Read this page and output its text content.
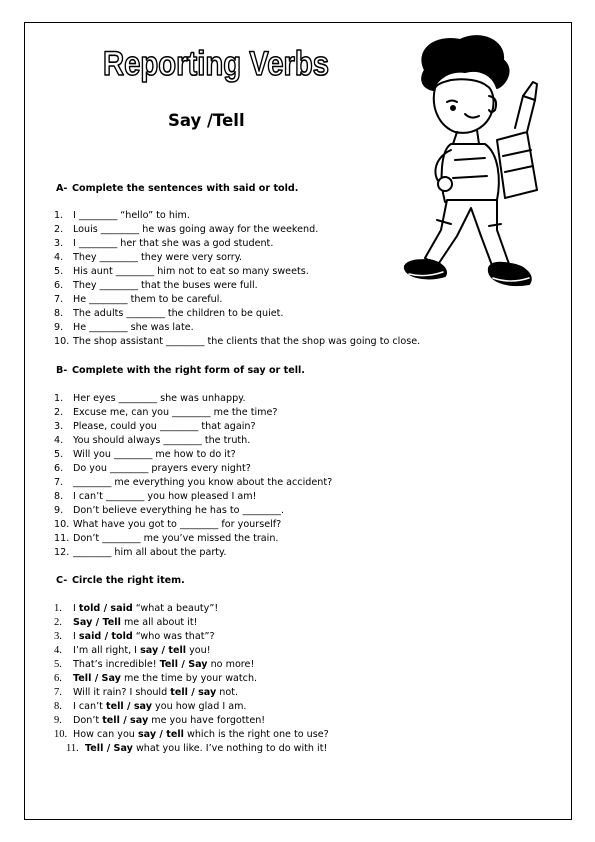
Reporting Verbs
Say /Tell
A- Complete the sentences with said or told.
1. I ________ “hello” to him.
2. Louis ________ he was going away for the weekend.
3. I ________ her that she was a god student.
4. They ________ they were very sorry.
5. His aunt ________ him not to eat so many sweets.
6. They ________ that the buses were full.
7. He ________ them to be careful.
8. The adults ________ the children to be quiet.
9. He ________ she was late.
10. The shop assistant ________ the clients that the shop was going to close.
B- Complete with the right form of say or tell.
1. Her eyes ________ she was unhappy.
2. Excuse me, can you ________ me the time?
3. Please, could you ________ that again?
4. You should always ________ the truth.
5. Will you ________ me how to do it?
6. Do you ________ prayers every night?
7. ________ me everything you know about the accident?
8. I can’t ________ you how pleased I am!
9. Don’t believe everything he has to ________.
10. What have you got to ________ for yourself?
11. Don’t ________ me you’ve missed the train.
12. ________ him all about the party.
C- Circle the right item.
1. I told / said “what a beauty”!
2. Say / Tell me all about it!
3. I said / told “who was that”?
4. I’m all right, I say / tell you!
5. That’s incredible! Tell / Say no more!
6. Tell / Say me the time by your watch.
7. Will it rain? I should tell / say not.
8. I can’t tell / say you how glad I am.
9. Don’t tell / say me you have forgotten!
10. How can you say / tell which is the right one to use?
11. Tell / Say what you like. I’ve nothing to do with it!
